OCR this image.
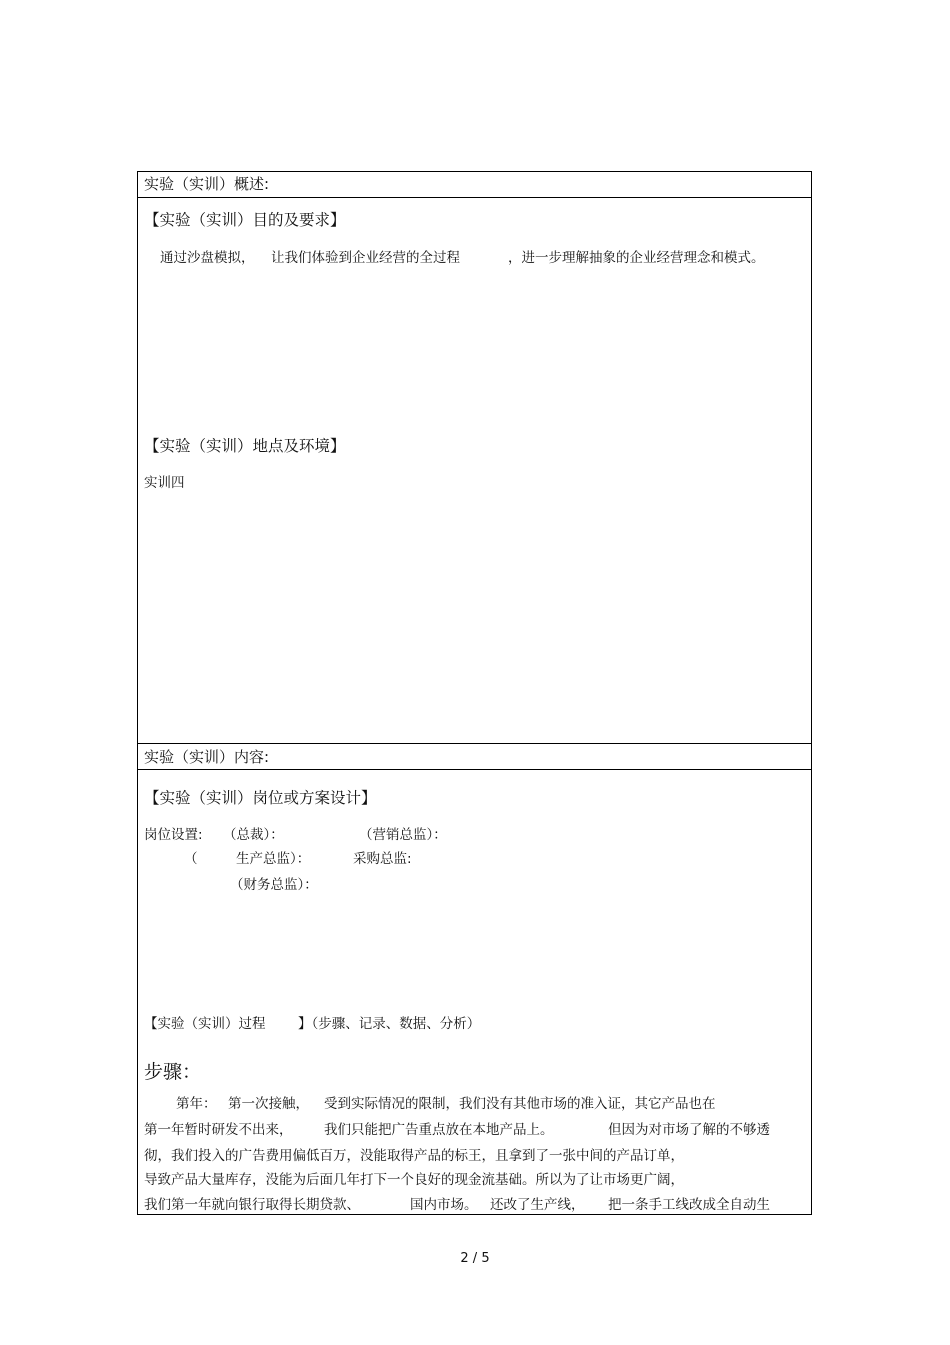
实验（实训）概述:
【实验（实训）目的及要求】
通过沙盘模拟， 让我们体验到企业经营的全过程	，进一步理解抽象的企业经营理念和模式。
【实验（实训）地点及环境】
实训四
实验（实训）内容:
【实验（实训）岗位或方案设计】
岗位设置: （总裁）：	（营销总监）：
（	生产总监）：	采购总监:
（财务总监）：
【实验（实训）过程 】（步骤、记录、数据、分析）
步骤：
第年： 第一次接触， 受到实际情况的限制，我们没有其他市场的准入证，其它产品也在
第一年暂时研发不出来， 我们只能把广告重点放在本地产品上。	但因为对市场了解的不够透
彻，我们投入的广告费用偏低百万，没能取得产品的标王，且拿到了一张中间的产品订单，
导致产品大量库存，没能为后面几年打下一个良好的现金流基础。所以为了让市场更广阔，
我们第一年就向银行取得长期贷款、	国内市场。 还改了生产线， 把一条手工线改成全自动生
2 / 5
